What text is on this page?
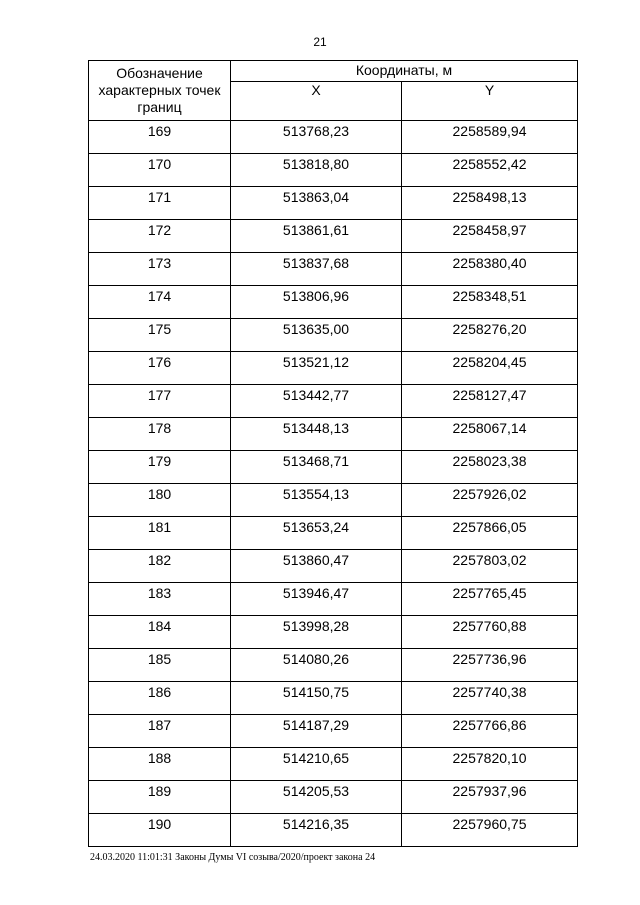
21
Обозначение характерных точек границ	Координаты, м	
	X	Y
169	513768,23	2258589,94
170	513818,80	2258552,42
171	513863,04	2258498,13
172	513861,61	2258458,97
173	513837,68	2258380,40
174	513806,96	2258348,51
175	513635,00	2258276,20
176	513521,12	2258204,45
177	513442,77	2258127,47
178	513448,13	2258067,14
179	513468,71	2258023,38
180	513554,13	2257926,02
181	513653,24	2257866,05
182	513860,47	2257803,02
183	513946,47	2257765,45
184	513998,28	2257760,88
185	514080,26	2257736,96
186	514150,75	2257740,38
187	514187,29	2257766,86
188	514210,65	2257820,10
189	514205,53	2257937,96
190	514216,35	2257960,75
24.03.2020 11:01:31 Законы Думы VI созыва/2020/проект закона 24
